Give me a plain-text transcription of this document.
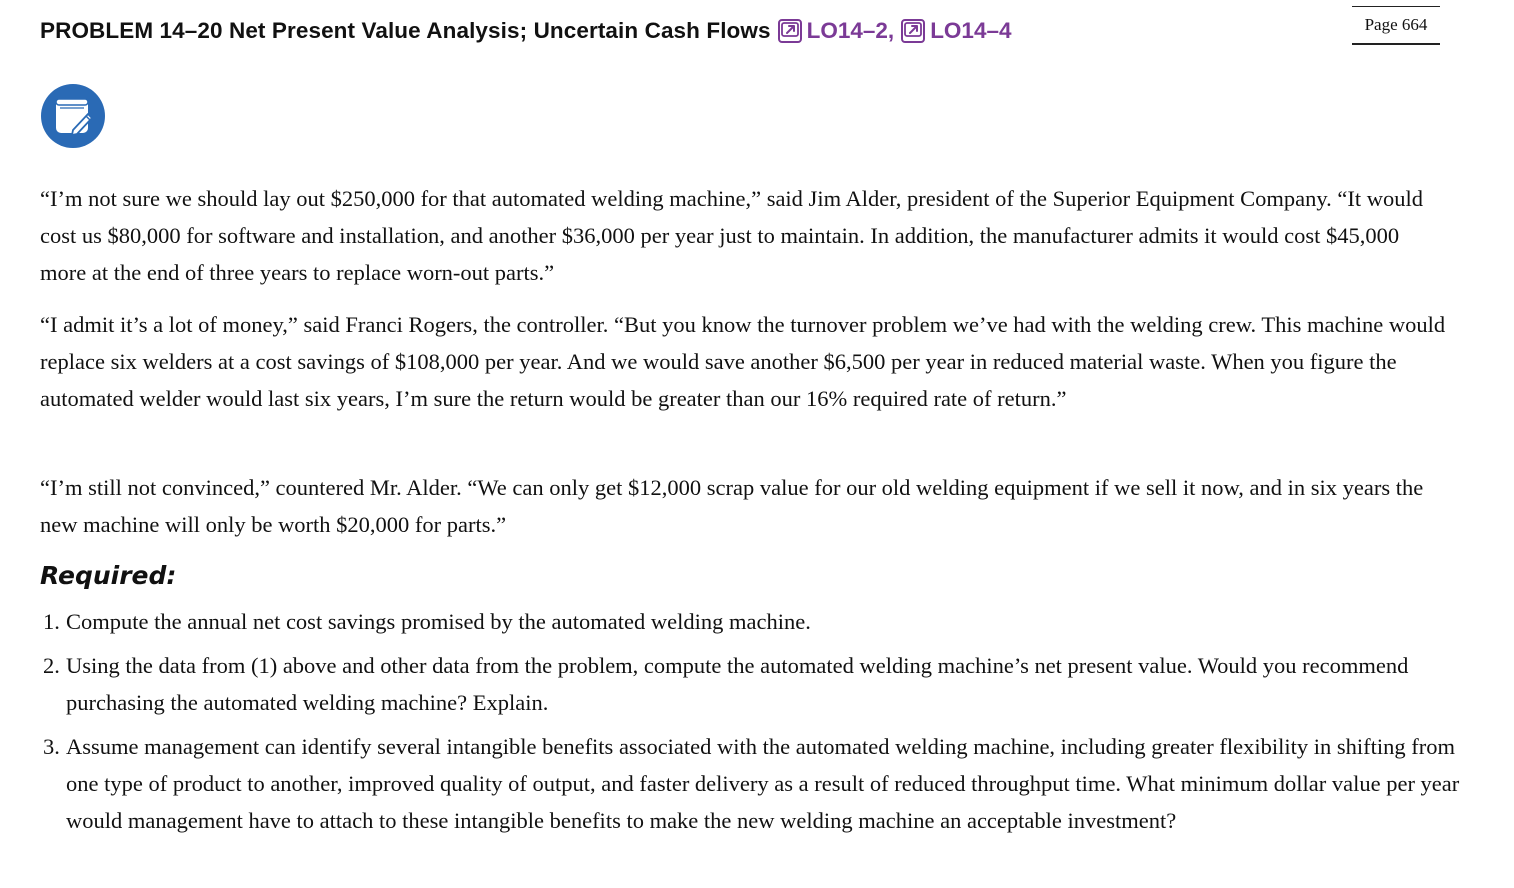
PROBLEM 14–20 Net Present Value Analysis; Uncertain Cash Flows LO14–2, LO14–4	Page 664

“I’m not sure we should lay out $250,000 for that automated welding machine,” said Jim Alder, president of the Superior Equipment Company. “It would cost us $80,000 for software and installation, and another $36,000 per year just to maintain. In addition, the manufacturer admits it would cost $45,000 more at the end of three years to replace worn-out parts.”

“I admit it’s a lot of money,” said Franci Rogers, the controller. “But you know the turnover problem we’ve had with the welding crew. This machine would replace six welders at a cost savings of $108,000 per year. And we would save another $6,500 per year in reduced material waste. When you figure the automated welder would last six years, I’m sure the return would be greater than our 16% required rate of return.”

“I’m still not convinced,” countered Mr. Alder. “We can only get $12,000 scrap value for our old welding equipment if we sell it now, and in six years the new machine will only be worth $20,000 for parts.”

Required:
1. Compute the annual net cost savings promised by the automated welding machine.
2. Using the data from (1) above and other data from the problem, compute the automated welding machine’s net present value. Would you recommend purchasing the automated welding machine? Explain.
3. Assume management can identify several intangible benefits associated with the automated welding machine, including greater flexibility in shifting from one type of product to another, improved quality of output, and faster delivery as a result of reduced throughput time. What minimum dollar value per year would management have to attach to these intangible benefits to make the new welding machine an acceptable investment?
